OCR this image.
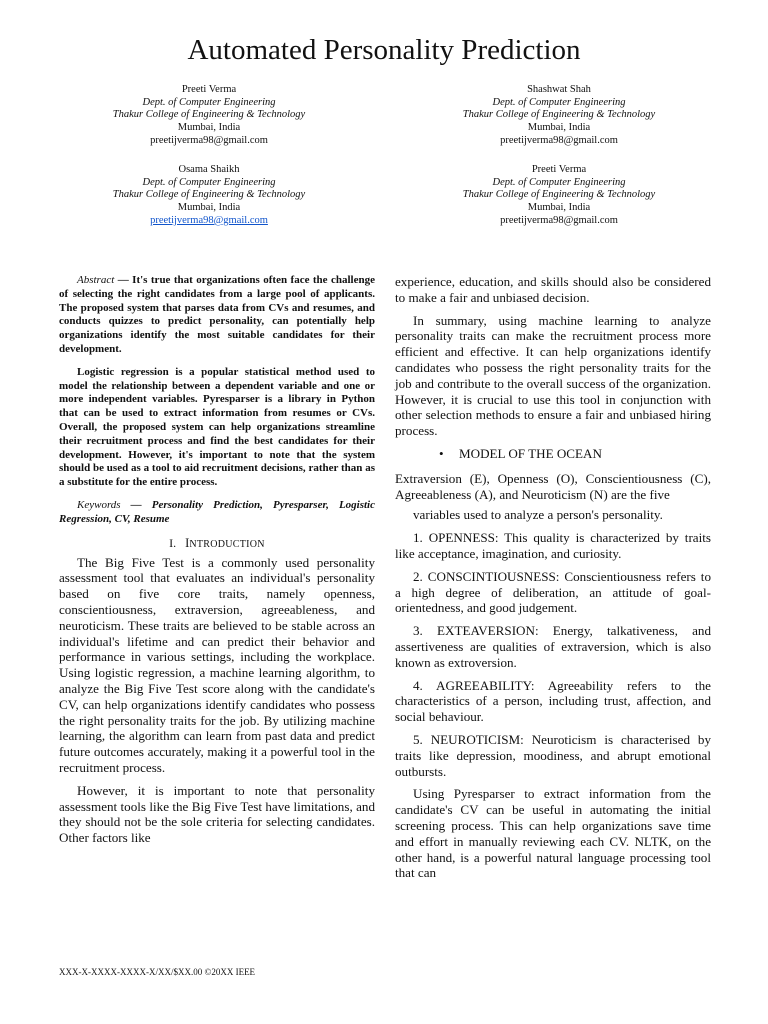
Automated Personality Prediction
Preeti Verma
Dept. of Computer Engineering
Thakur College of Engineering & Technology
Mumbai, India
preetijverma98@gmail.com
Shashwat Shah
Dept. of Computer Engineering
Thakur College of Engineering & Technology
Mumbai, India
preetijverma98@gmail.com
Osama Shaikh
Dept. of Computer Engineering
Thakur College of Engineering & Technology
Mumbai, India
preetijverma98@gmail.com
Preeti Verma
Dept. of Computer Engineering
Thakur College of Engineering & Technology
Mumbai, India
preetijverma98@gmail.com

Abstract — It's true that organizations often face the challenge of selecting the right candidates from a large pool of applicants. The proposed system that parses data from CVs and resumes, and conducts quizzes to predict personality, can potentially help organizations identify the most suitable candidates for their development.

Logistic regression is a popular statistical method used to model the relationship between a dependent variable and one or more independent variables. Pyresparser is a library in Python that can be used to extract information from resumes or CVs. Overall, the proposed system can help organizations streamline their recruitment process and find the best candidates for their development. However, it's important to note that the system should be used as a tool to aid recruitment decisions, rather than as a substitute for the entire process.

Keywords — Personality Prediction, Pyresparser, Logistic Regression, CV, Resume

I. INTRODUCTION

The Big Five Test is a commonly used personality assessment tool that evaluates an individual's personality based on five core traits, namely openness, conscientiousness, extraversion, agreeableness, and neuroticism. These traits are believed to be stable across an individual's lifetime and can predict their behavior and performance in various settings, including the workplace. Using logistic regression, a machine learning algorithm, to analyze the Big Five Test score along with the candidate's CV, can help organizations identify candidates who possess the right personality traits for the job. By utilizing machine learning, the algorithm can learn from past data and predict future outcomes accurately, making it a powerful tool in the recruitment process.

However, it is important to note that personality assessment tools like the Big Five Test have limitations, and they should not be the sole criteria for selecting candidates. Other factors like

experience, education, and skills should also be considered to make a fair and unbiased decision.

In summary, using machine learning to analyze personality traits can make the recruitment process more efficient and effective. It can help organizations identify candidates who possess the right personality traits for the job and contribute to the overall success of the organization. However, it is crucial to use this tool in conjunction with other selection methods to ensure a fair and unbiased hiring process.

• MODEL OF THE OCEAN

Extraversion (E), Openness (O), Conscientiousness (C), Agreeableness (A), and Neuroticism (N) are the five

variables used to analyze a person's personality.

1. OPENNESS: This quality is characterized by traits like acceptance, imagination, and curiosity.

2. CONSCINTIOUSNESS: Conscientiousness refers to a high degree of deliberation, an attitude of goal-orientedness, and good judgement.

3. EXTEAVERSION: Energy, talkativeness, and assertiveness are qualities of extraversion, which is also known as extroversion.

4. AGREEABILITY: Agreeability refers to the characteristics of a person, including trust, affection, and social behaviour.

5. NEUROTICISM: Neuroticism is characterised by traits like depression, moodiness, and abrupt emotional outbursts.

Using Pyresparser to extract information from the candidate's CV can be useful in automating the initial screening process. This can help organizations save time and effort in manually reviewing each CV. NLTK, on the other hand, is a powerful natural language processing tool that can

XXX-X-XXXX-XXXX-X/XX/$XX.00 ©20XX IEEE
